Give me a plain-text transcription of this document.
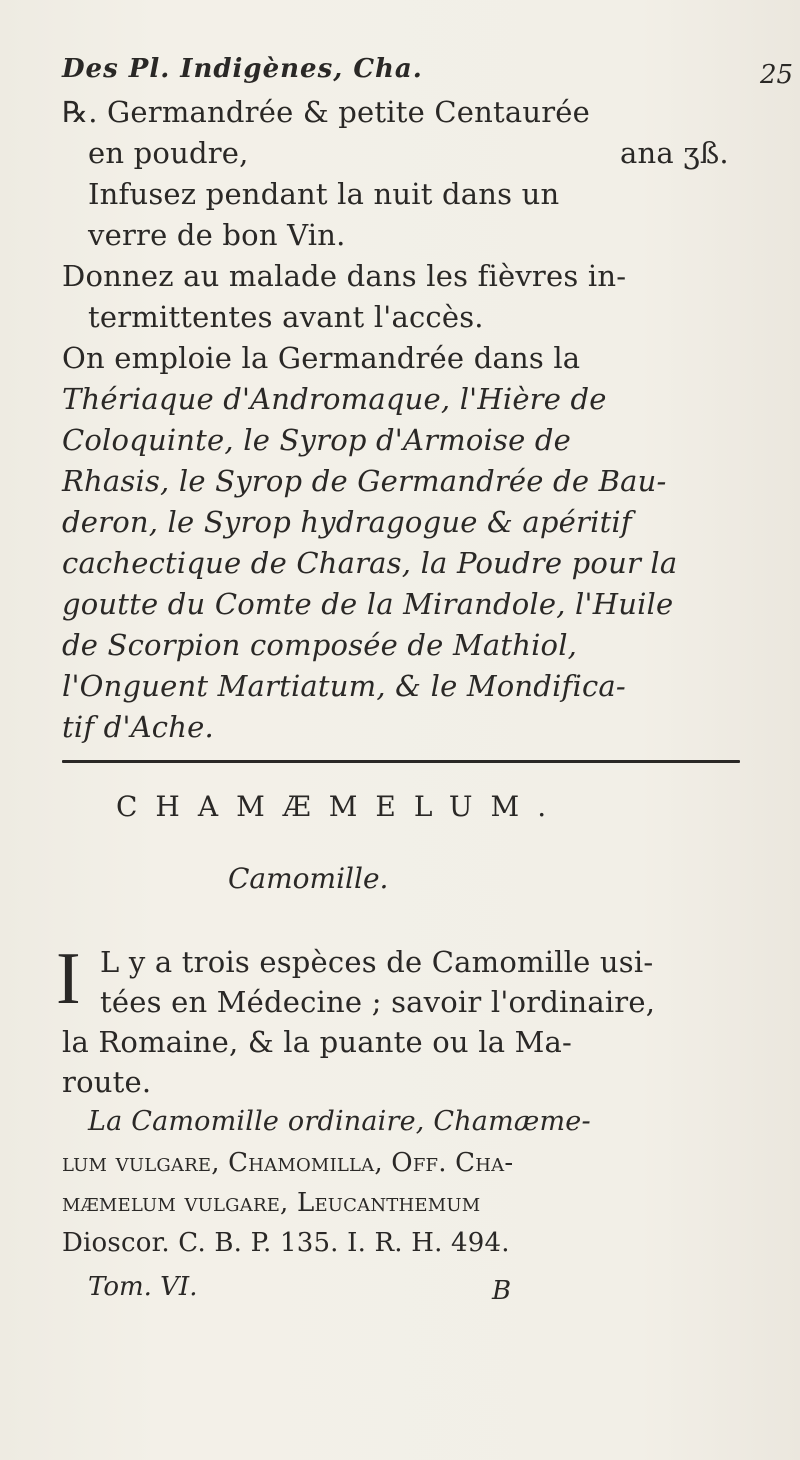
Des Pl. Indigènes, Cha.	25
℞. Germandrée & petite Centaurée
en poudre,	ana ʒß.
Infusez pendant la nuit dans un
verre de bon Vin.
Donnez au malade dans les fièvres in-
termittentes avant l'accès.
On emploie la Germandrée dans la
Thériaque d'Andromaque, l'Hière de
Coloquinte, le Syrop d'Armoise de
Rhasis, le Syrop de Germandrée de Bau-
deron, le Syrop hydragogue & apéritif
cachectique de Charas, la Poudre pour la
goutte du Comte de la Mirandole, l'Huile
de Scorpion composée de Mathiol,
l'Onguent Martiatum, & le Mondifica-
tif d'Ache.
CHAMÆMELUM.
Camomille.
I L y a trois espèces de Camomille usi-
tées en Médecine ; savoir l'ordinaire,
la Romaine, & la puante ou la Ma-
route.
La Camomille ordinaire, Chamæme-
lum vulgare, Chamomilla, Off. Cha-
mæmelum vulgare, Leucanthemum
Dioscor. C. B. P. 135. I. R. H. 494.
Tom. VI.	B
